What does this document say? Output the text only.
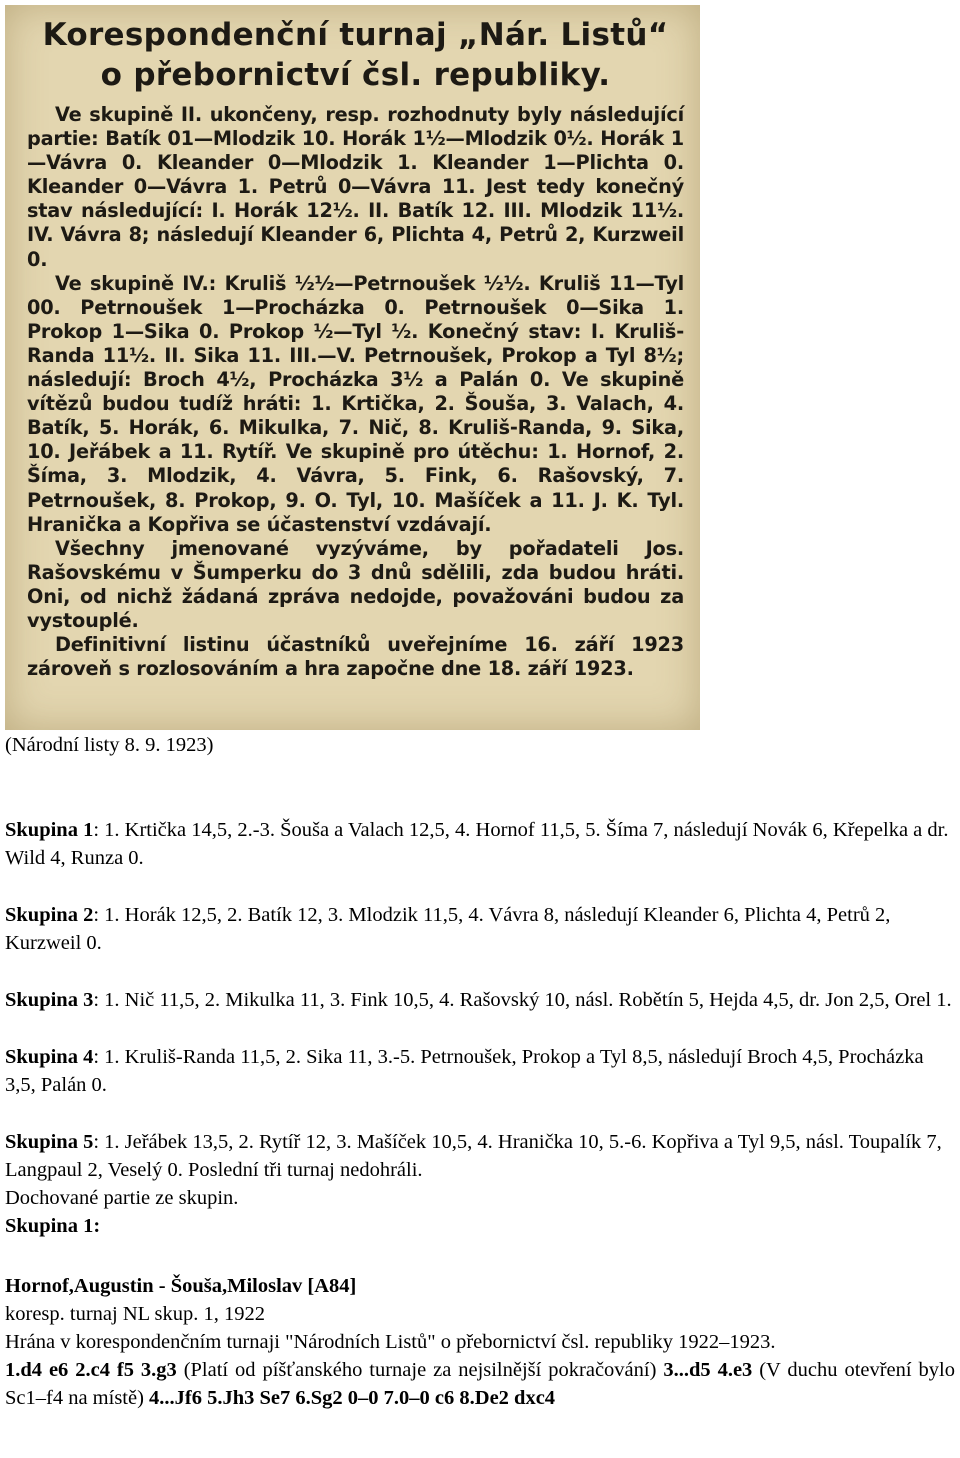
Korespondenční turnaj „Nár. Listů“
o přebornictví čsl. republiky.

Ve skupině II. ukončeny, resp. rozhodnuty byly následující partie: Batík 01—Mlodzik 10. Horák 1½—Mlodzik 0½. Horák 1—Vávra 0. Kleander 0—Mlodzik 1. Kleander 1—Plichta 0. Kleander 0—Vávra 1. Petrů 0—Vávra 11. Jest tedy konečný stav následující: I. Horák 12½. II. Batík 12. III. Mlodzik 11½. IV. Vávra 8; následují Kleander 6, Plichta 4, Petrů 2, Kurzweil 0.

Ve skupině IV.: Kruliš ½½—Petrnoušek ½½. Kruliš 11—Tyl 00. Petrnoušek 1—Procházka 0. Petrnoušek 0—Sika 1. Prokop 1—Sika 0. Prokop ½—Tyl ½. Konečný stav: I. Kruliš-Randa 11½. II. Sika 11. III.—V. Petrnoušek, Prokop a Tyl 8½; následují: Broch 4½, Procházka 3½ a Palán 0. Ve skupině vítězů budou tudíž hráti: 1. Krtička, 2. Šouša, 3. Valach, 4. Batík, 5. Horák, 6. Mikulka, 7. Nič, 8. Kruliš-Randa, 9. Sika, 10. Jeřábek a 11. Rytíř. Ve skupině pro útěchu: 1. Hornof, 2. Šíma, 3. Mlodzik, 4. Vávra, 5. Fink, 6. Rašovský, 7. Petrnoušek, 8. Prokop, 9. O. Tyl, 10. Mašíček a 11. J. K. Tyl. Hranička a Kopřiva se účastenství vzdávají.

Všechny jmenované vyzýváme, by pořadateli Jos. Rašovskému v Šumperku do 3 dnů sdělili, zda budou hráti. Oni, od nichž žádaná zpráva nedojde, považováni budou za vystouplé.

Definitivní listinu účastníků uveřejníme 16. září 1923 zároveň s rozlosováním a hra započne dne 18. září 1923.

(Národní listy 8. 9. 1923)

Skupina 1: 1. Krtička 14,5, 2.-3. Šouša a Valach 12,5, 4. Hornof 11,5, 5. Šíma 7, následují Novák 6, Křepelka a dr. Wild 4, Runza 0.

Skupina 2: 1. Horák 12,5, 2. Batík 12, 3. Mlodzik 11,5, 4. Vávra 8, následují Kleander 6, Plichta 4, Petrů 2, Kurzweil 0.

Skupina 3: 1. Nič 11,5, 2. Mikulka 11, 3. Fink 10,5, 4. Rašovský 10, násl. Robětín 5, Hejda 4,5, dr. Jon 2,5, Orel 1.

Skupina 4: 1. Kruliš-Randa 11,5, 2. Sika 11, 3.-5. Petrnoušek, Prokop a Tyl 8,5, následují Broch 4,5, Procházka 3,5, Palán 0.

Skupina 5: 1. Jeřábek 13,5, 2. Rytíř 12, 3. Mašíček 10,5, 4. Hranička 10, 5.-6. Kopřiva a Tyl 9,5, násl. Toupalík 7, Langpaul 2, Veselý 0. Poslední tři turnaj nedohráli.

Dochované partie ze skupin.

Skupina 1:

Hornof,Augustin - Šouša,Miloslav [A84]

koresp. turnaj NL skup. 1, 1922

Hrána v korespondenčním turnaji "Národních Listů" o přebornictví čsl. republiky 1922–1923.

1.d4 e6 2.c4 f5 3.g3 (Platí od píšťanského turnaje za nejsilnější pokračování) 3...d5 4.e3 (V duchu otevření bylo Sc1–f4 na místě) 4...Jf6 5.Jh3 Se7 6.Sg2 0–0 7.0–0 c6 8.De2 dxc4
